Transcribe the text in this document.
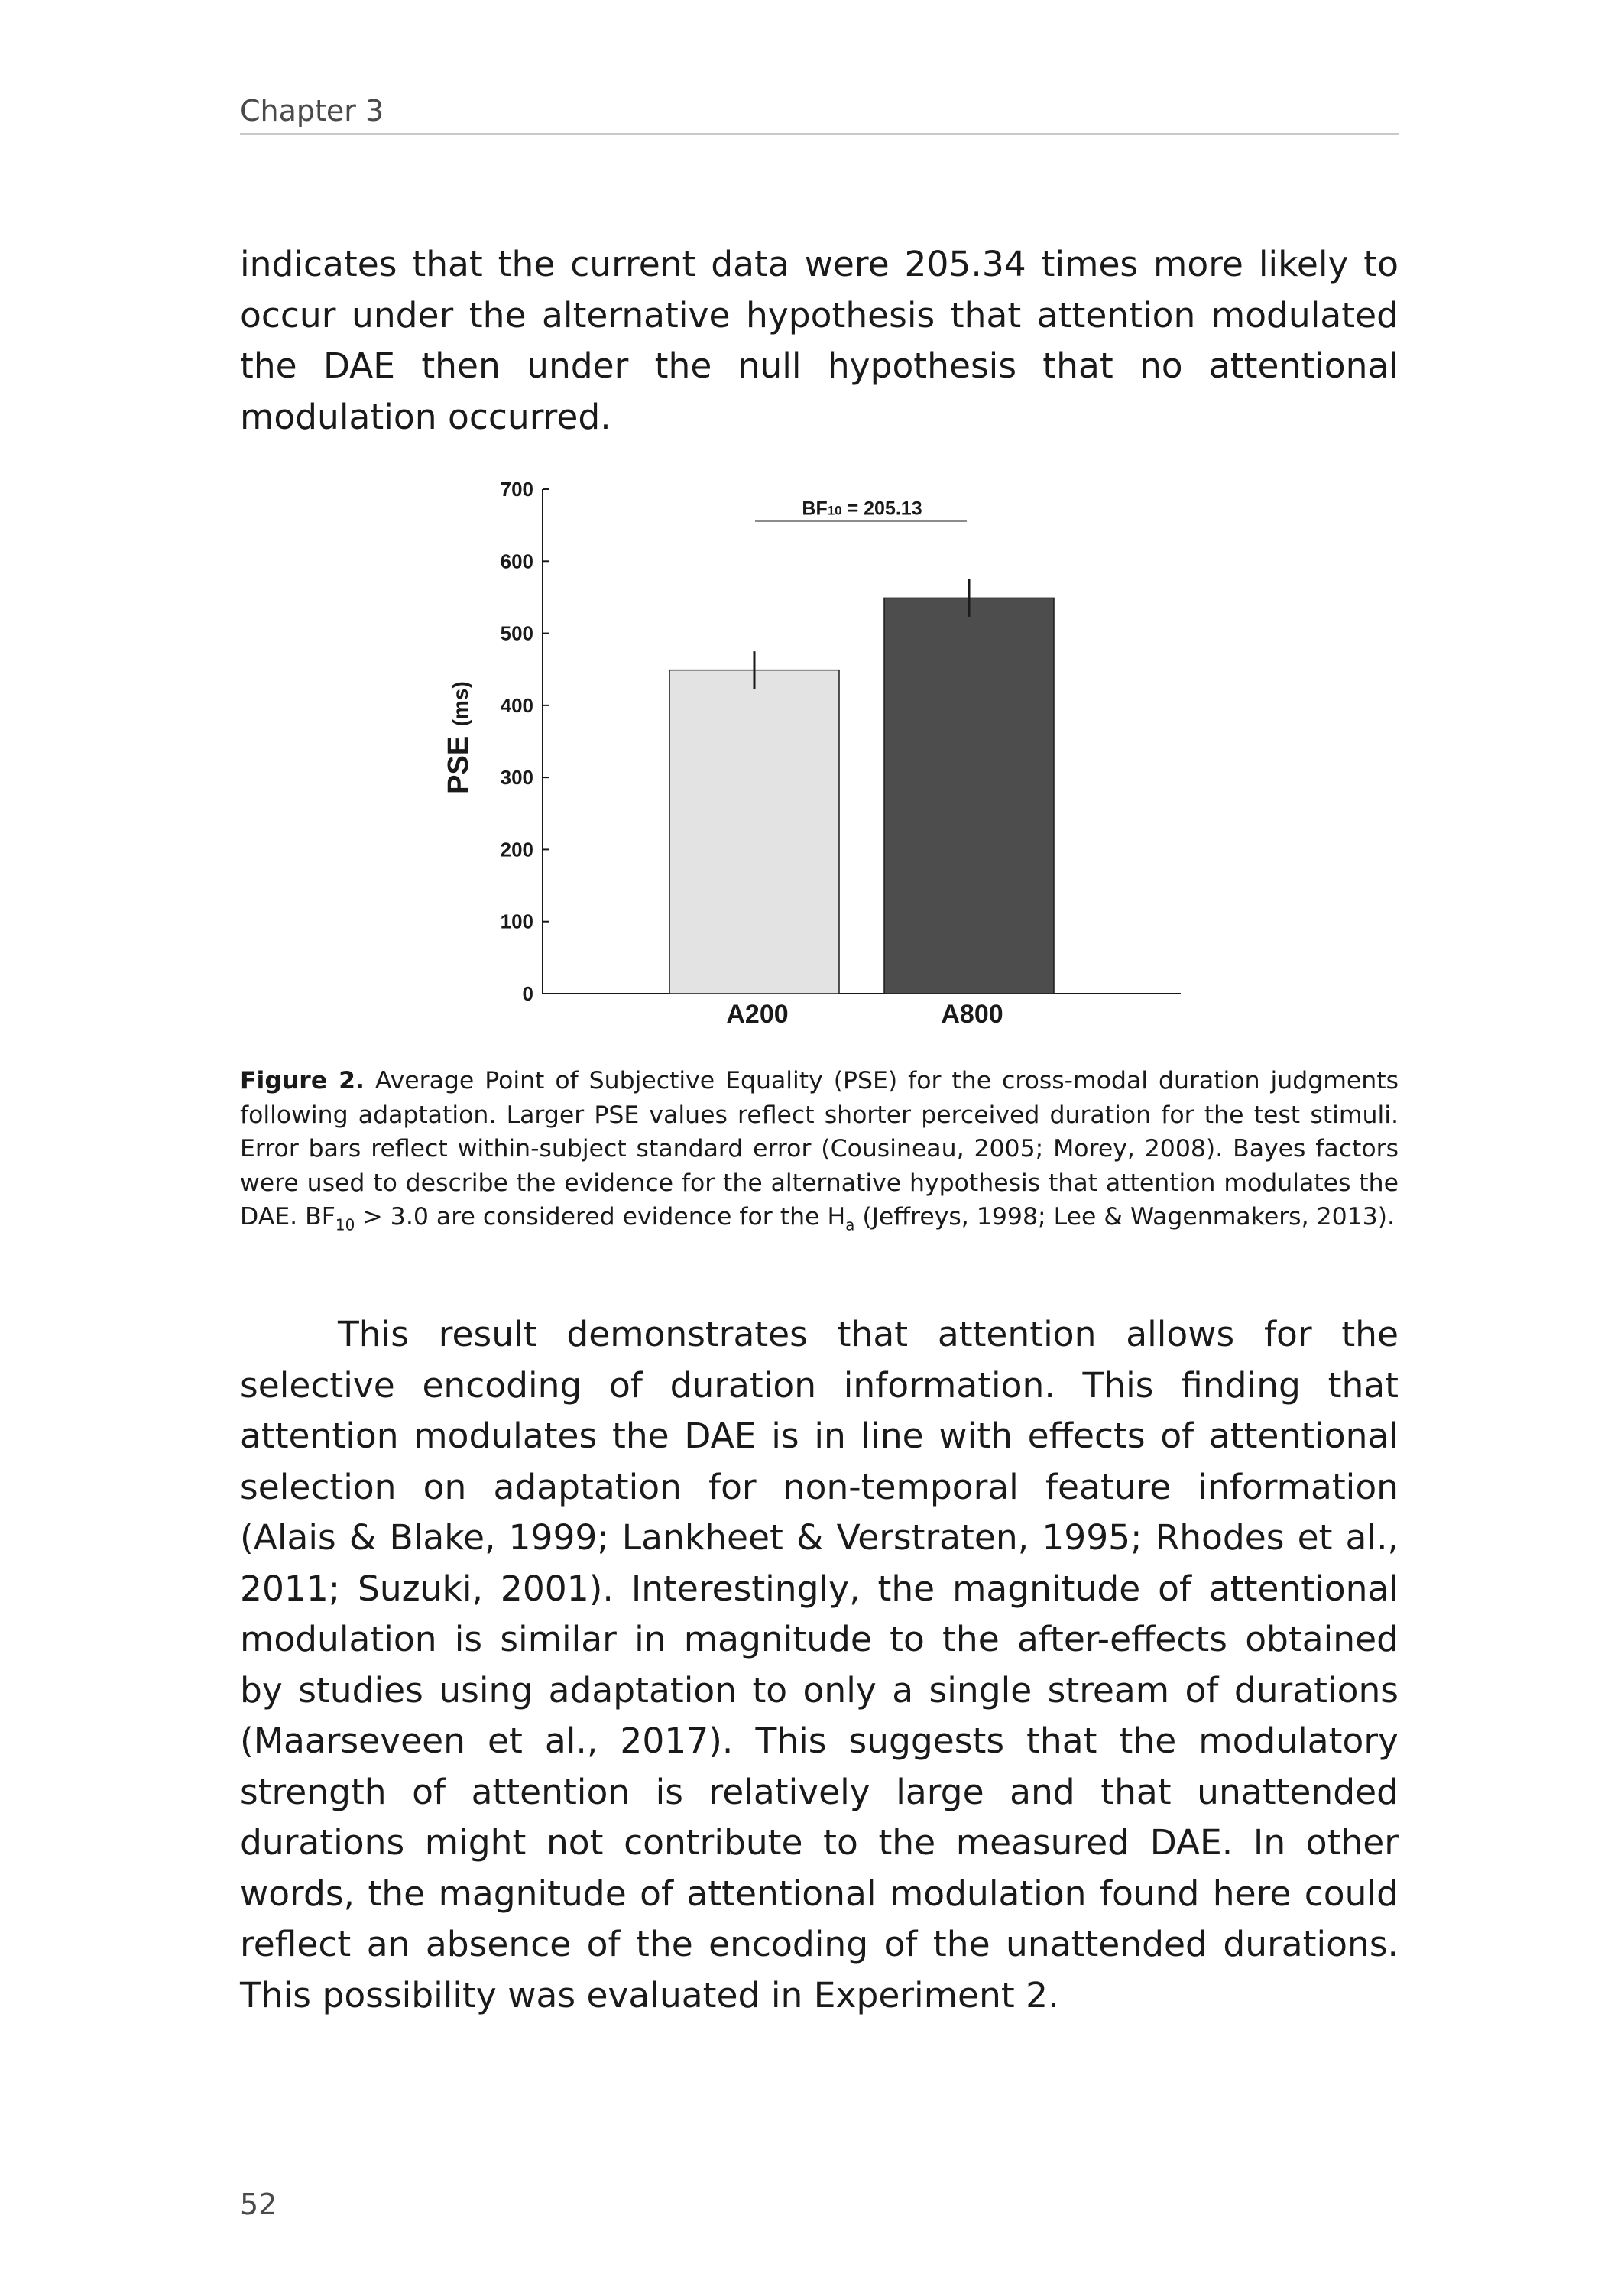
Chapter 3

indicates that the current data were 205.34 times more likely to occur under the alternative hypothesis that attention modulated the DAE then under the null hypothesis that no attentional modulation occurred.

0
100
200
300
400
500
600
700
A200	A800
PSE (ms)
BF10 = 205.13

Figure 2. Average Point of Subjective Equality (PSE) for the cross-modal duration judgments following adaptation. Larger PSE values reflect shorter perceived duration for the test stimuli. Error bars reflect within-subject standard error (Cousineau, 2005; Morey, 2008). Bayes factors were used to describe the evidence for the alternative hypothesis that attention modulates the DAE. $BF_{10} > 3.0$ are considered evidence for the $H_a$ (Jeffreys, 1998; Lee & Wagenmakers, 2013).

This result demonstrates that attention allows for the selective encoding of duration information. This finding that attention modulates the DAE is in line with effects of attentional selection on adaptation for non-temporal feature information (Alais & Blake, 1999; Lankheet & Verstraten, 1995; Rhodes et al., 2011; Suzuki, 2001). Interestingly, the magnitude of attentional modulation is similar in magnitude to the after-effects obtained by studies using adaptation to only a single stream of durations (Maarseveen et al., 2017). This suggests that the modulatory strength of attention is relatively large and that unattended durations might not contribute to the measured DAE. In other words, the magnitude of attentional modulation found here could reflect an absence of the encoding of the unattended durations. This possibility was evaluated in Experiment 2.

52
